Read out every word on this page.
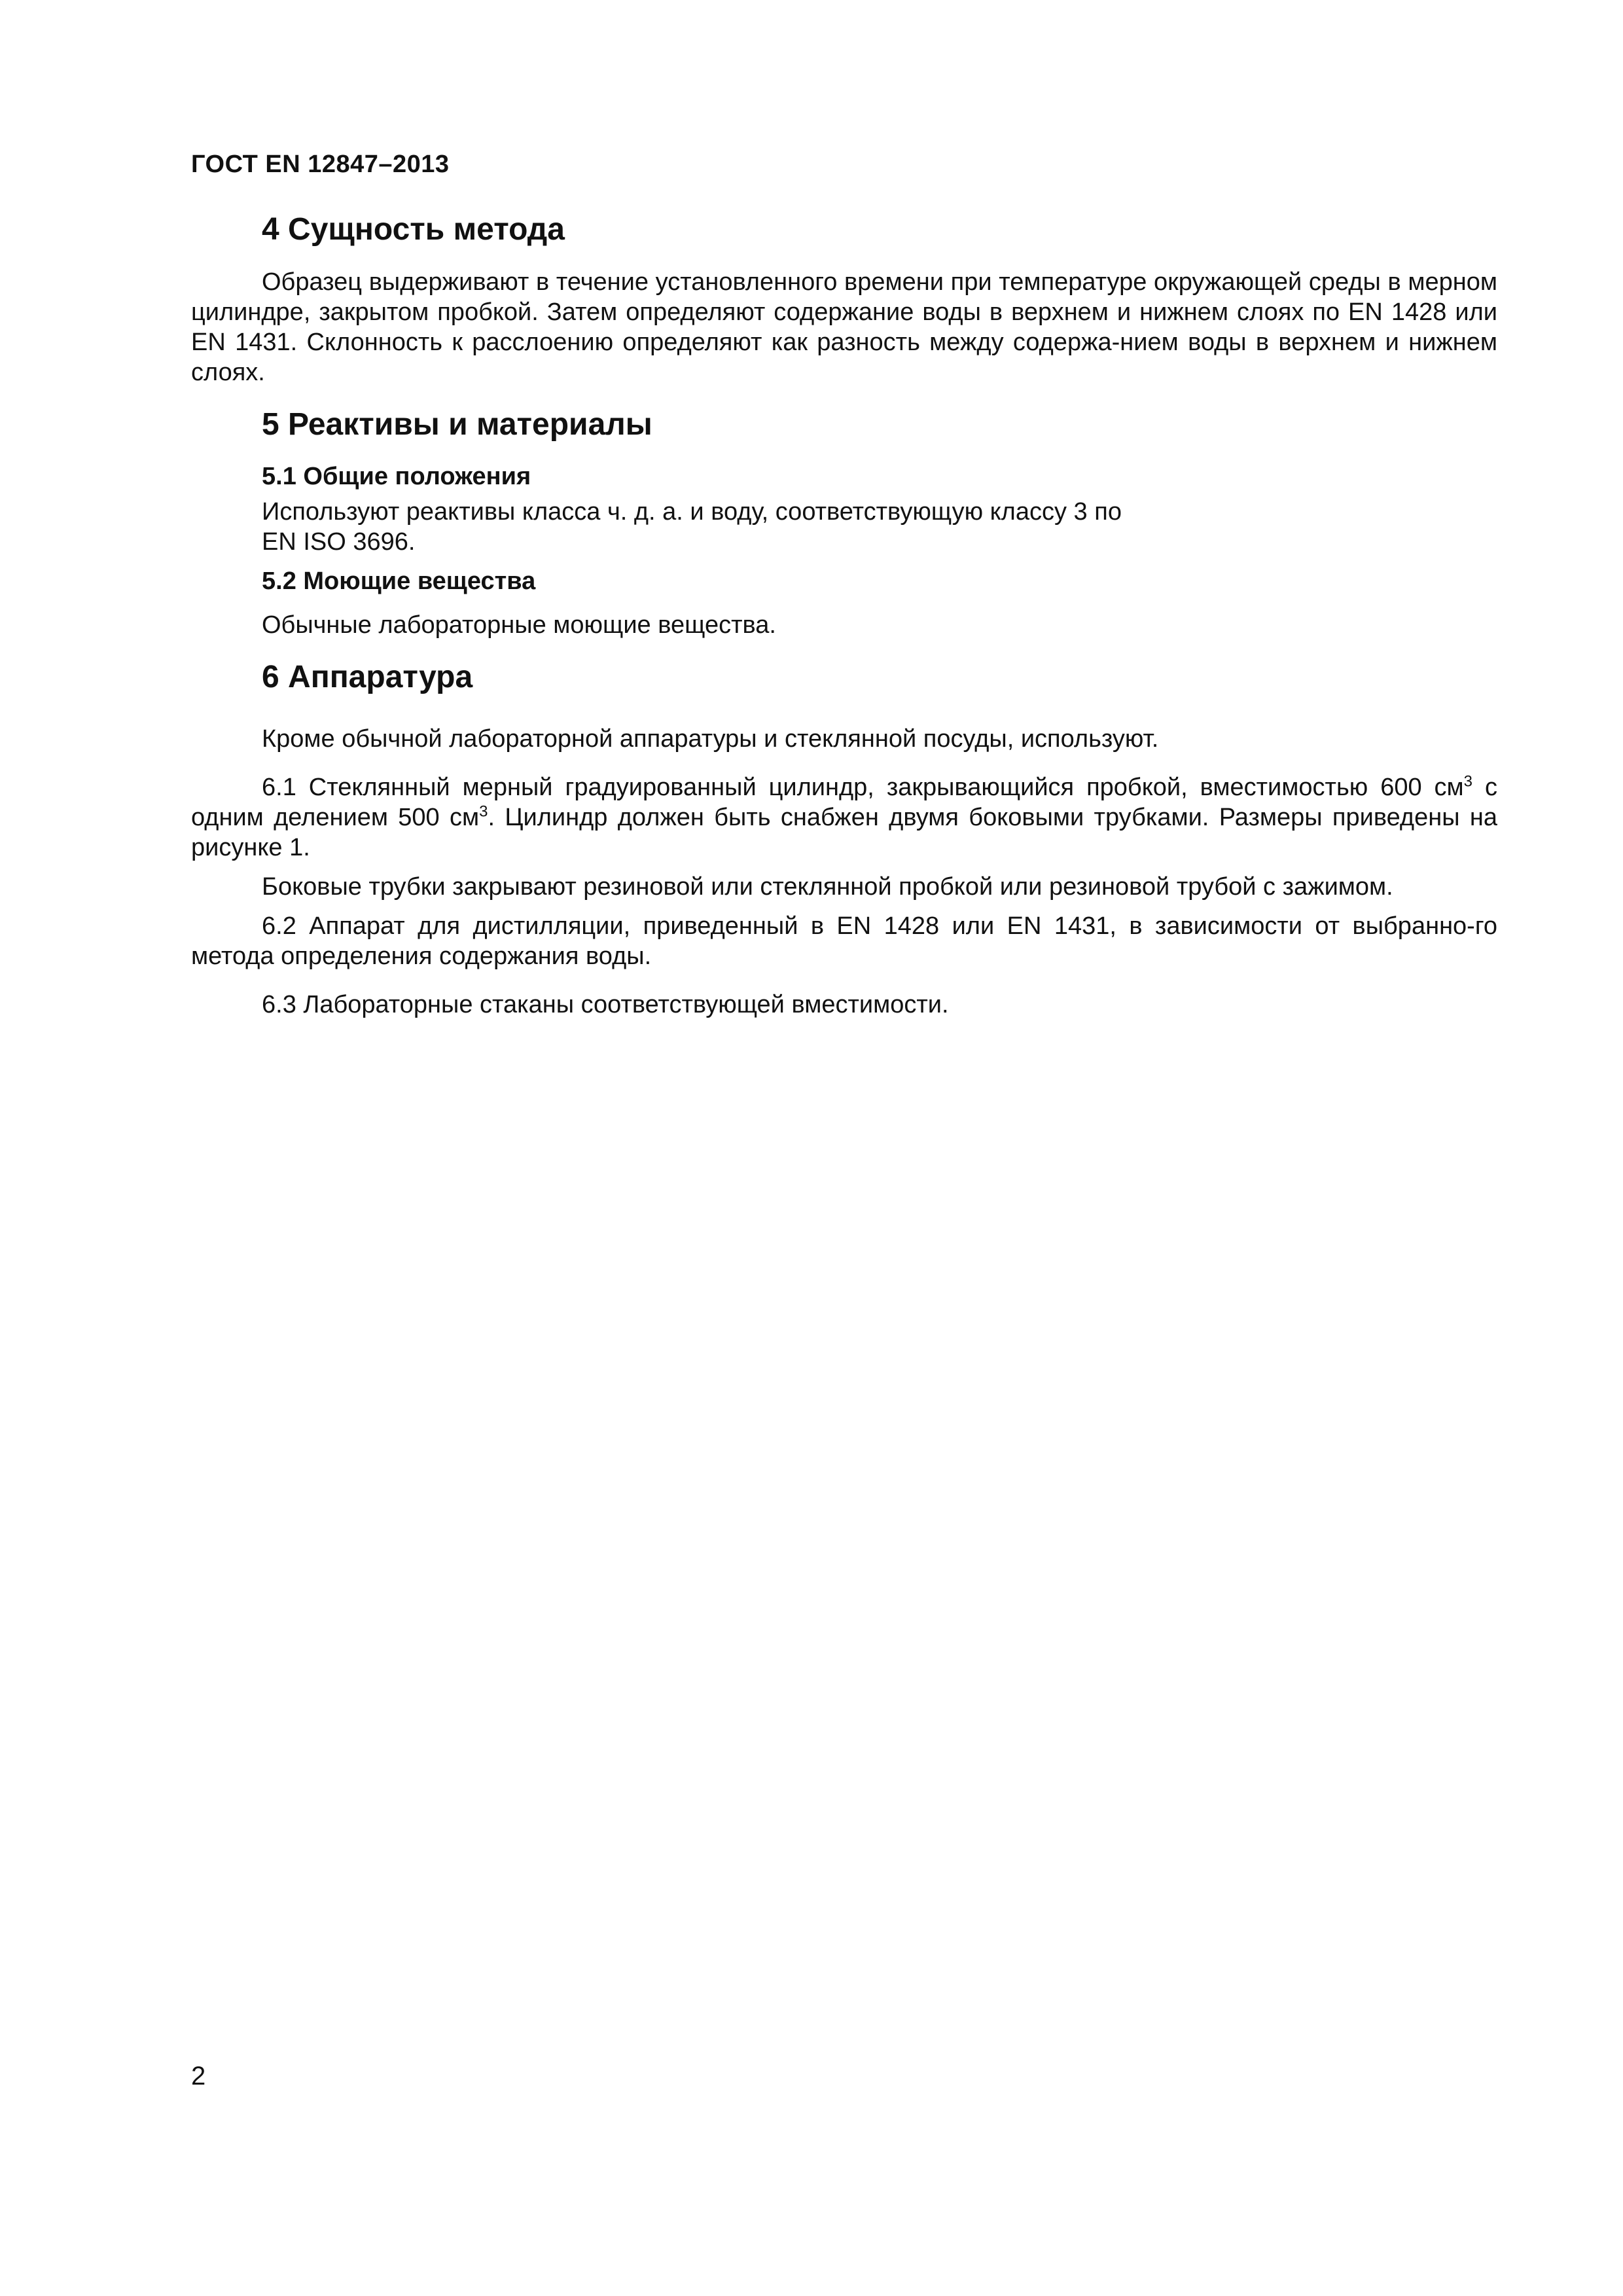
ГОСТ EN 12847–2013
4 Сущность метода

Образец выдерживают в течение установленного времени при температуре окружающей среды в мерном цилиндре, закрытом пробкой. Затем определяют содержание воды в верхнем и нижнем слоях по EN 1428 или EN 1431. Склонность к расслоению определяют как разность между содержа-нием воды в верхнем и нижнем слоях.

5 Реактивы и материалы
5.1 Общие положения

Используют реактивы класса ч. д. а. и воду, соответствующую классу 3 по

EN ISO 3696.

5.2 Моющие вещества

Обычные лабораторные моющие вещества.

6 Аппаратура

Кроме обычной лабораторной аппаратуры и стеклянной посуды, используют.

6.1 Стеклянный мерный градуированный цилиндр, закрывающийся пробкой, вместимостью 600 $см^3$ с одним делением 500 $см^3$. Цилиндр должен быть снабжен двумя боковыми трубками. Размеры приведены на рисунке 1.

Боковые трубки закрывают резиновой или стеклянной пробкой или резиновой трубой с зажимом.

6.2 Аппарат для дистилляции, приведенный в EN 1428 или EN 1431, в зависимости от выбранно-го метода определения содержания воды.

6.3 Лабораторные стаканы соответствующей вместимости.

2
